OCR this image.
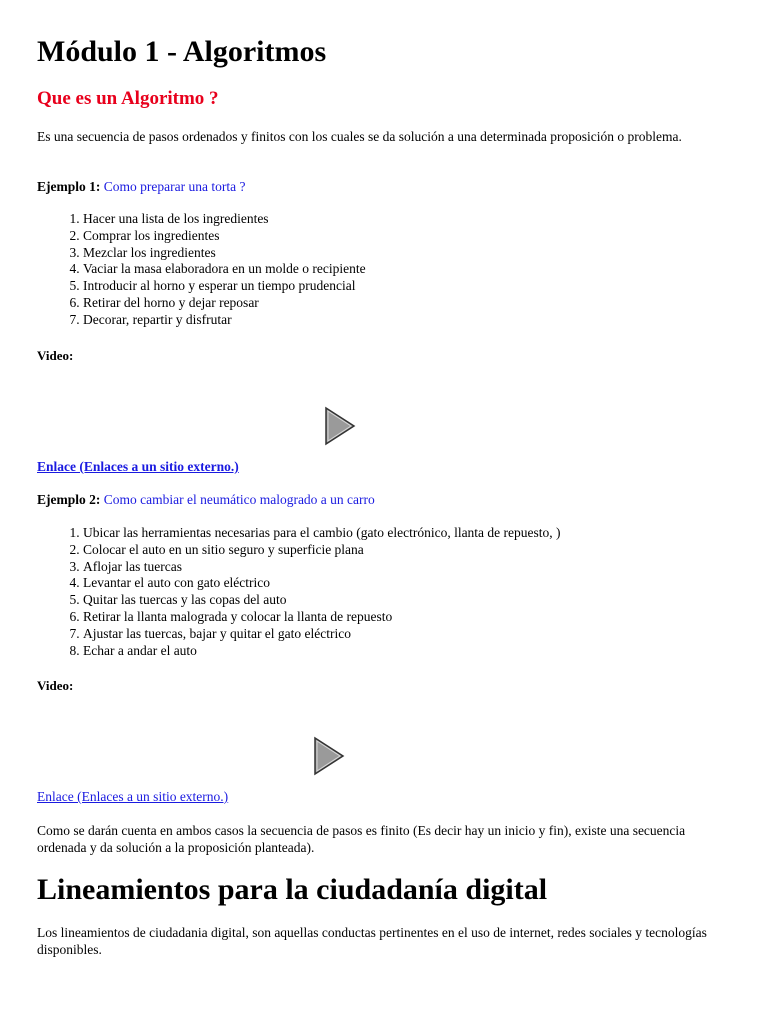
Módulo 1 - Algoritmos
Que es un Algoritmo ?

Es una secuencia de pasos ordenados y finitos con los cuales se da solución a una determinada proposición o problema.

Ejemplo 1: Como preparar una torta ?

1. Hacer una lista de los ingredientes
2. Comprar los ingredientes
3. Mezclar los ingredientes
4. Vaciar la masa elaboradora en un molde o recipiente
5. Introducir al horno y esperar un tiempo prudencial
6. Retirar del horno y dejar reposar
7. Decorar, repartir y disfrutar

Video:

Enlace (Enlaces a un sitio externo.)

Ejemplo 2: Como cambiar el neumático malogrado a un carro

1. Ubicar las herramientas necesarias para el cambio (gato electrónico, llanta de repuesto, )
2. Colocar el auto en un sitio seguro y superficie plana
3. Aflojar las tuercas
4. Levantar el auto con gato eléctrico
5. Quitar las tuercas y las copas del auto
6. Retirar la llanta malograda y colocar la llanta de repuesto
7. Ajustar las tuercas, bajar y quitar el gato eléctrico
8. Echar a andar el auto

Video:

Enlace (Enlaces a un sitio externo.)

Como se darán cuenta en ambos casos la secuencia de pasos es finito (Es decir hay un inicio y fin), existe una secuencia ordenada y da solución a la proposición planteada).

Lineamientos para la ciudadanía digital

Los lineamientos de ciudadania digital, son aquellas conductas pertinentes en el uso de internet, redes sociales y tecnologías disponibles.
